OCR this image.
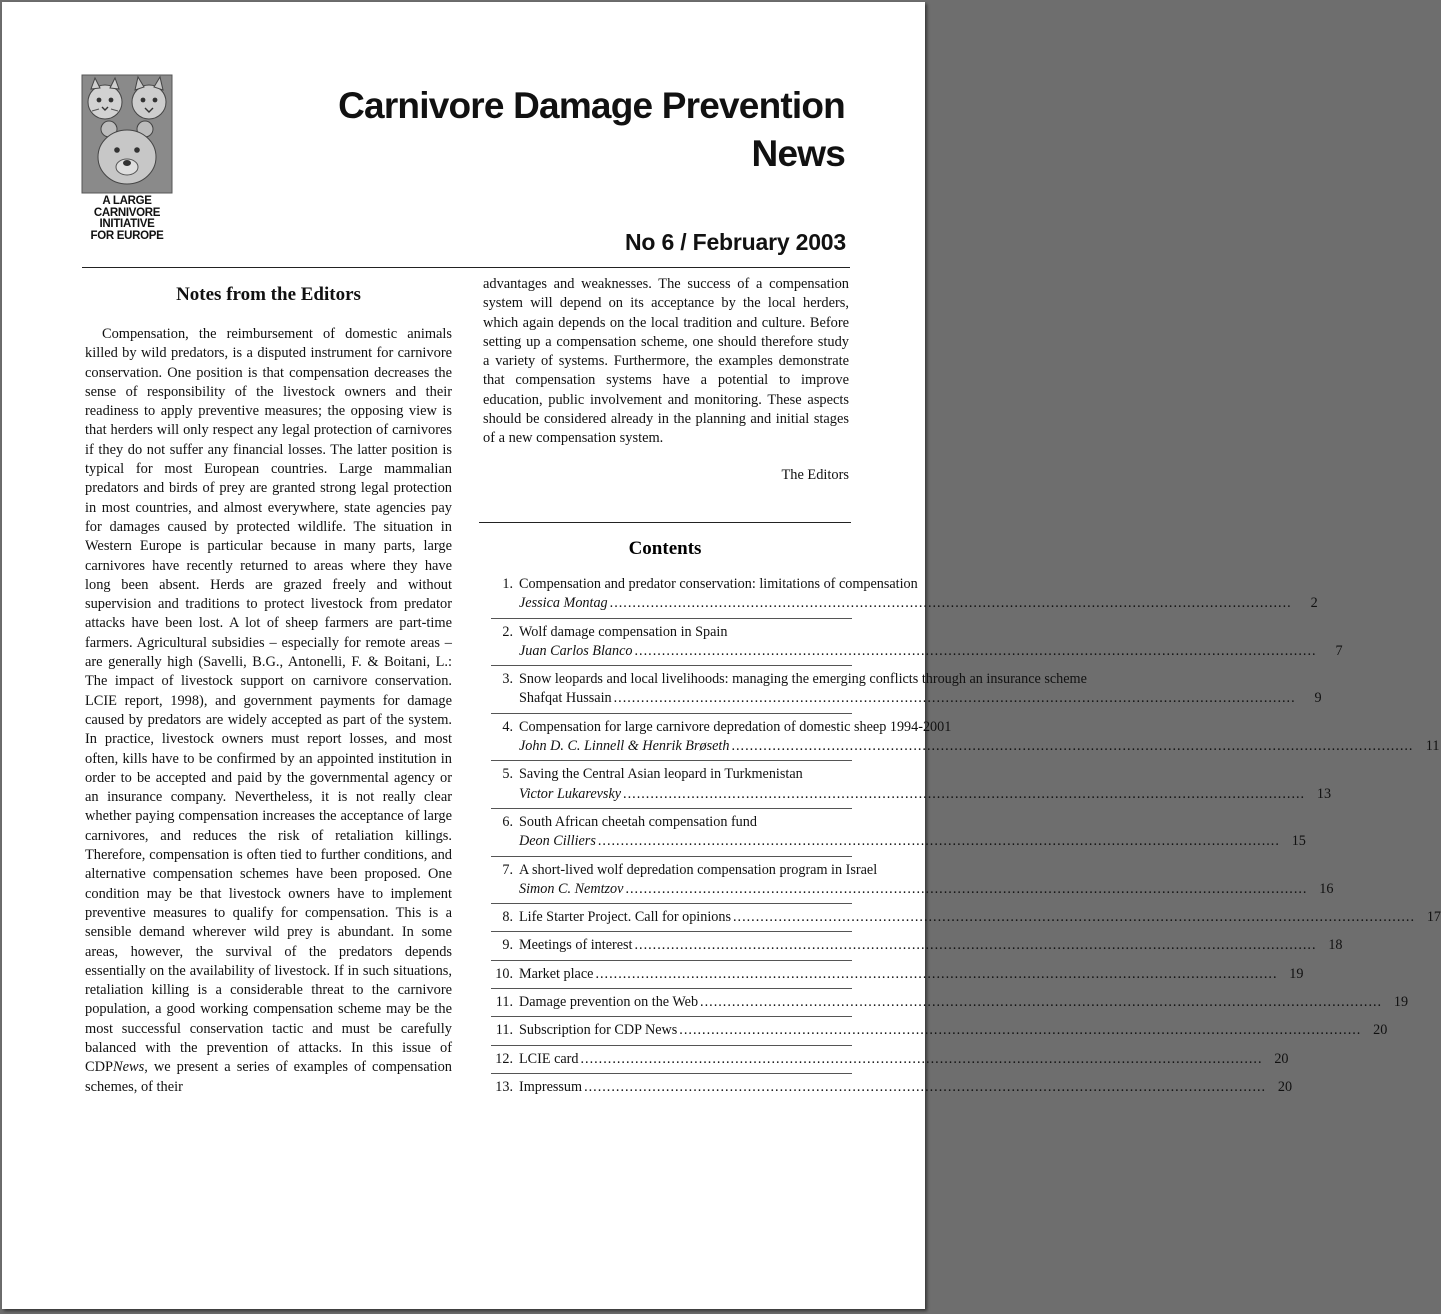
A LARGE
CARNIVORE
INITIATIVE
FOR EUROPE
Carnivore Damage Prevention
News
No 6 / February 2003
Notes from the Editors

Compensation, the reimbursement of domestic animals killed by wild predators, is a disputed instrument for carnivore conservation. One position is that compensation decreases the sense of responsibility of the livestock owners and their readiness to apply preventive measures; the opposing view is that herders will only respect any legal protection of carnivores if they do not suffer any financial losses. The latter position is typical for most European countries. Large mammalian predators and birds of prey are granted strong legal protection in most countries, and almost everywhere, state agencies pay for damages caused by protected wildlife. The situation in Western Europe is particular because in many parts, large carnivores have recently returned to areas where they have long been absent. Herds are grazed freely and without supervision and traditions to protect livestock from predator attacks have been lost. A lot of sheep farmers are part-time farmers. Agricultural subsidies – especially for remote areas – are generally high (Savelli, B.G., Antonelli, F. & Boitani, L.: The impact of livestock support on carnivore conservation. LCIE report, 1998), and government payments for damage caused by predators are widely accepted as part of the system. In practice, livestock owners must report losses, and most often, kills have to be confirmed by an appointed institution in order to be accepted and paid by the governmental agency or an insurance company. Nevertheless, it is not really clear whether paying compensation increases the acceptance of large carnivores, and reduces the risk of retaliation killings. Therefore, compensation is often tied to further conditions, and alternative compensation schemes have been proposed. One condition may be that livestock owners have to implement preventive measures to qualify for compensation. This is a sensible demand wherever wild prey is abundant. In some areas, however, the survival of the predators depends essentially on the availability of livestock. If in such situations, retaliation killing is a considerable threat to the carnivore population, a good working compensation scheme may be the most successful conservation tactic and must be carefully balanced with the prevention of attacks. In this issue of CDPNews, we present a series of examples of compensation schemes, of their

advantages and weaknesses. The success of a compensation system will depend on its acceptance by the local herders, which again depends on the local tradition and culture. Before setting up a compensation scheme, one should therefore study a variety of systems. Furthermore, the examples demonstrate that compensation systems have a potential to improve education, public involvement and monitoring. These aspects should be considered already in the planning and initial stages of a new compensation system.

The Editors
Contents
1. Compensation and predator conservation: limitations of compensation
Jessica Montag .....	2
2. Wolf damage compensation in Spain
Juan Carlos Blanco .....	7
3. Snow leopards and local livelihoods: managing the emerging conflicts through an insurance scheme
Shafqat Hussain .....	9
4. Compensation for large carnivore depredation of domestic sheep 1994-2001
John D. C. Linnell & Henrik Brøseth .....	11
5. Saving the Central Asian leopard in Turkmenistan
Victor Lukarevsky .....	13
6. South African cheetah compensation fund
Deon Cilliers .....	15
7. A short-lived wolf depredation compensation program in Israel
Simon C. Nemtzov .....	16
8. Life Starter Project. Call for opinions .....	17
9. Meetings of interest .....	18
10. Market place .....	19
11. Damage prevention on the Web .....	19
11. Subscription for CDP News .....	20
12. LCIE card .....	20
13. Impressum .....	20
